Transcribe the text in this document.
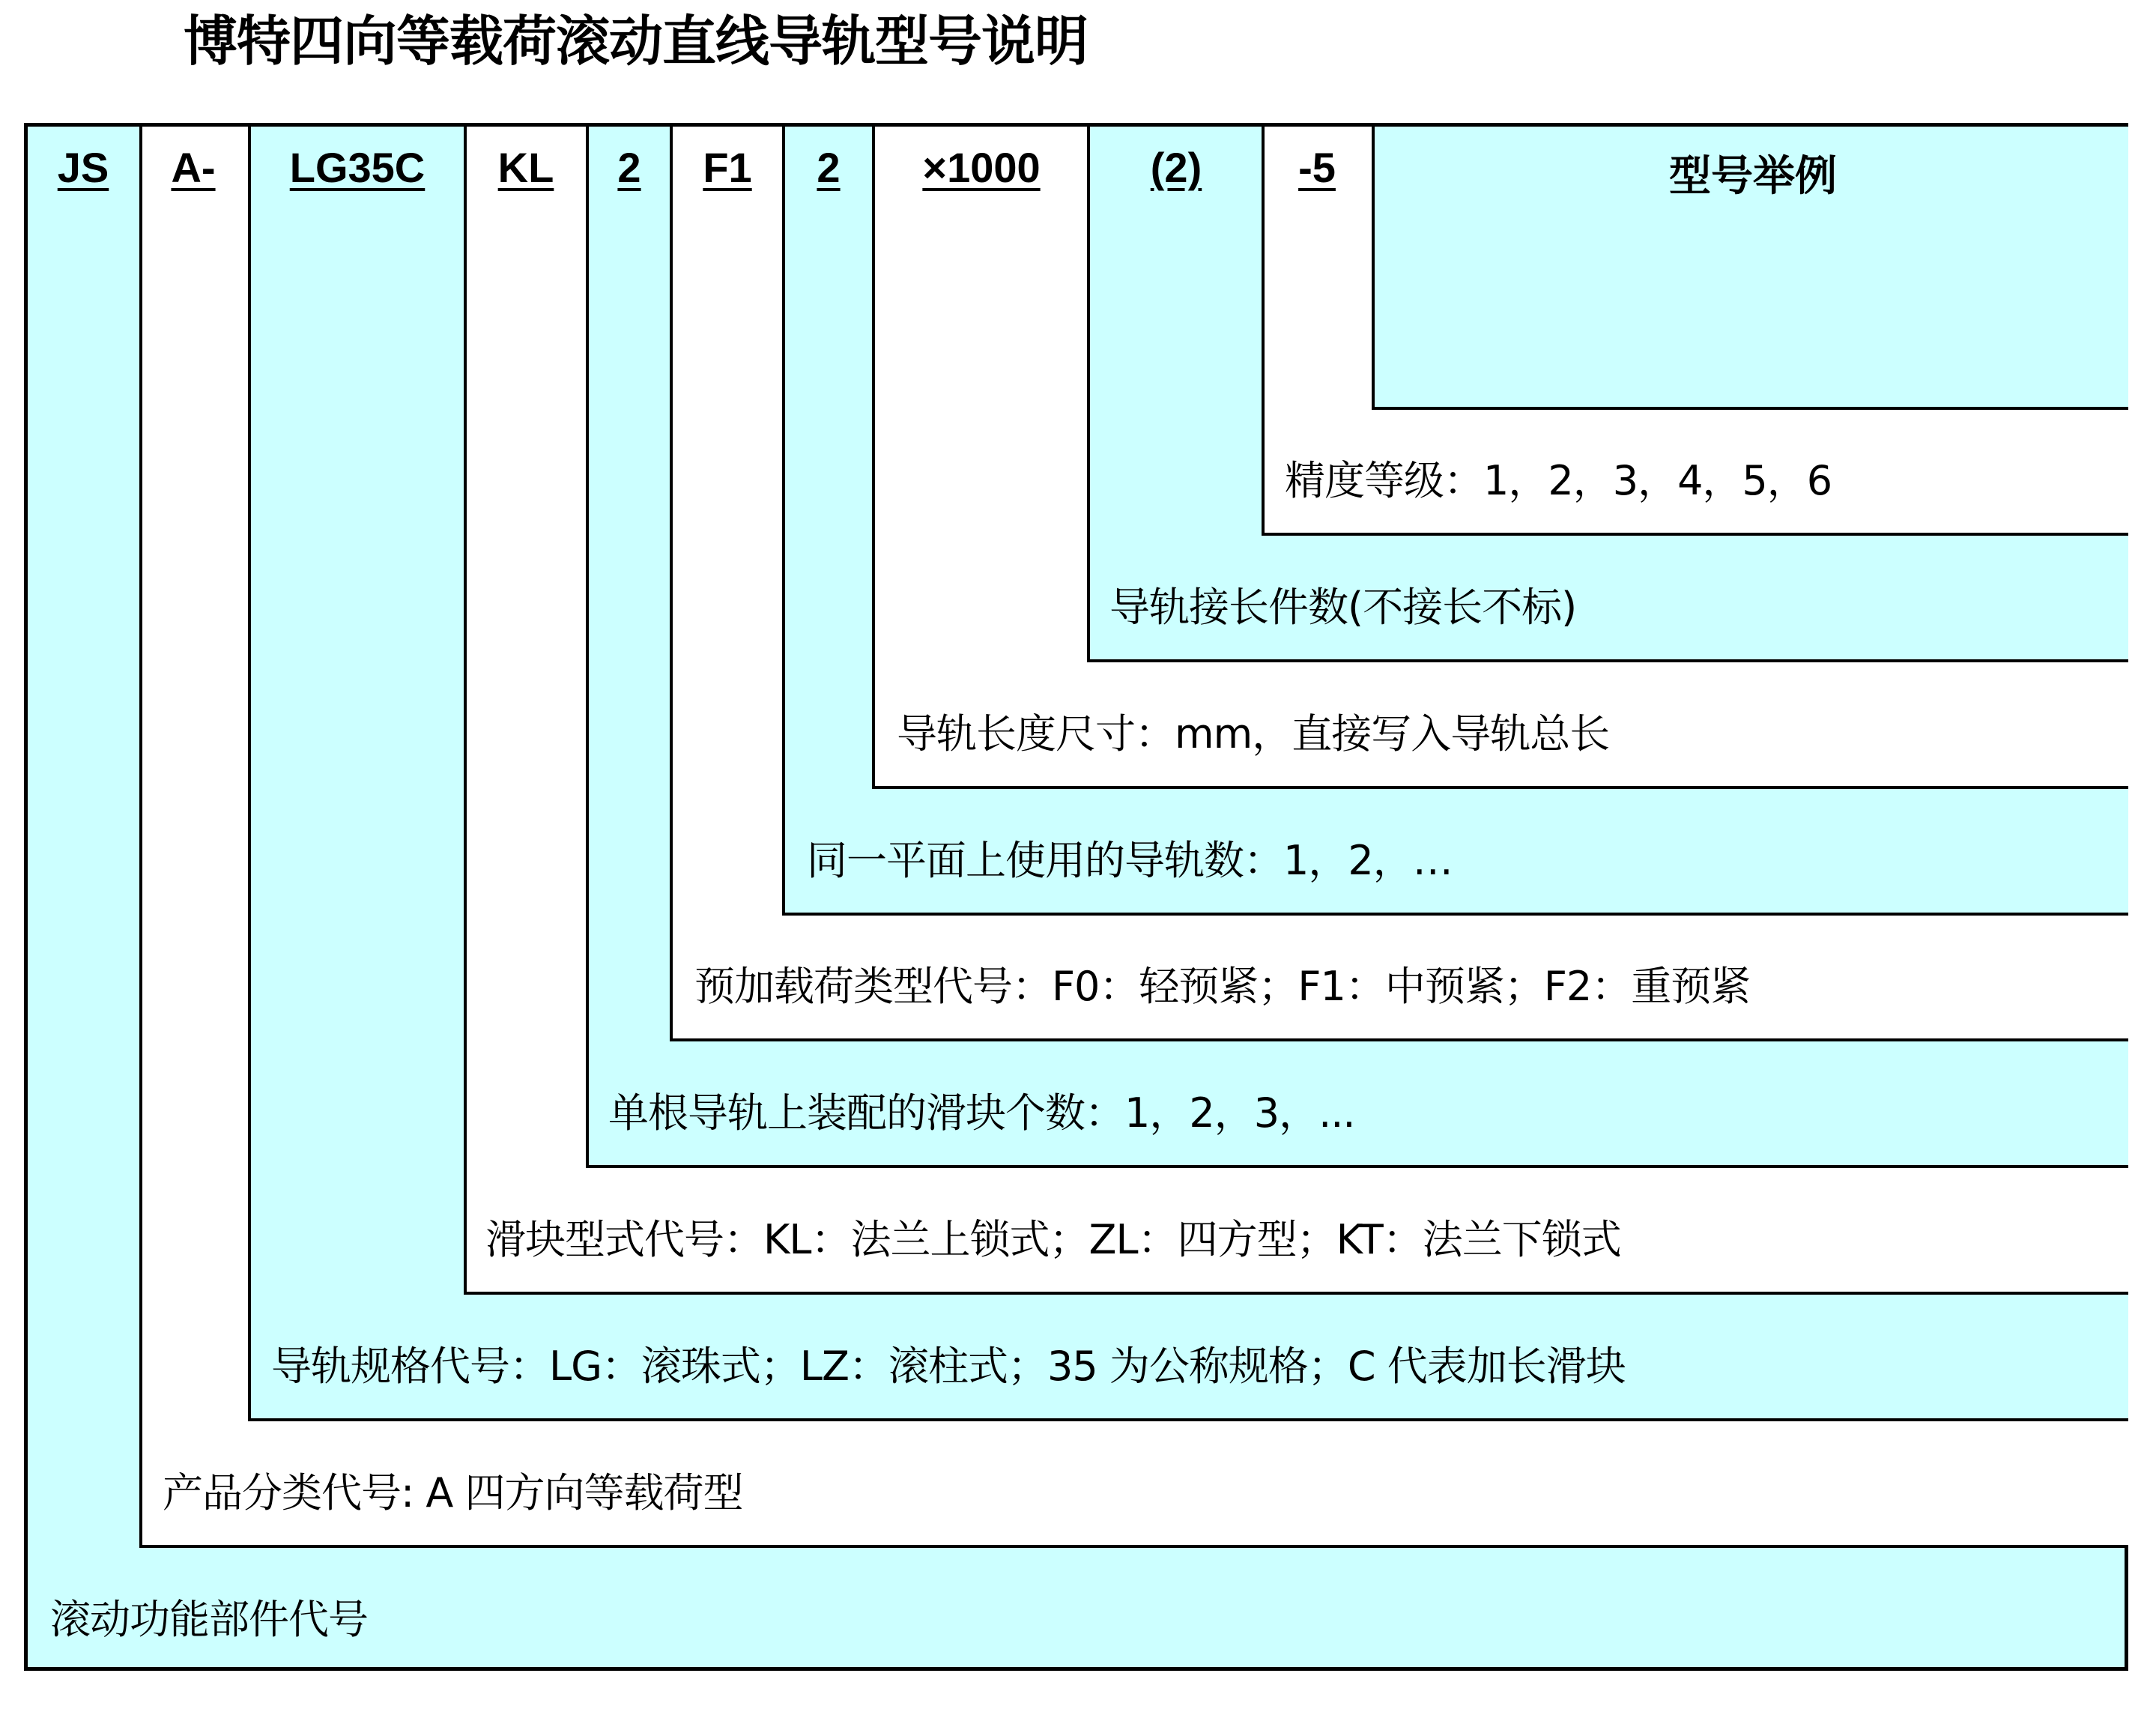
博特四向等载荷滚动直线导轨型号说明
JS A- LG35C KL 2 F1 2 ×1000	(2) -5	型号举例
精度等级：1，2，3，4，5，6
导轨接长件数(不接长不标)
导轨长度尺寸：mm，直接写入导轨总长
同一平面上使用的导轨数：1，2，…
预加载荷类型代号：F0：轻预紧；F1：中预紧；F2：重预紧
单根导轨上装配的滑块个数：1，2，3，...
滑块型式代号：KL：法兰上锁式；ZL：四方型；KT：法兰下锁式
导轨规格代号：LG：滚珠式；LZ：滚柱式；35 为公称规格；C 代表加长滑块
产品分类代号: A 四方向等载荷型
滚动功能部件代号
